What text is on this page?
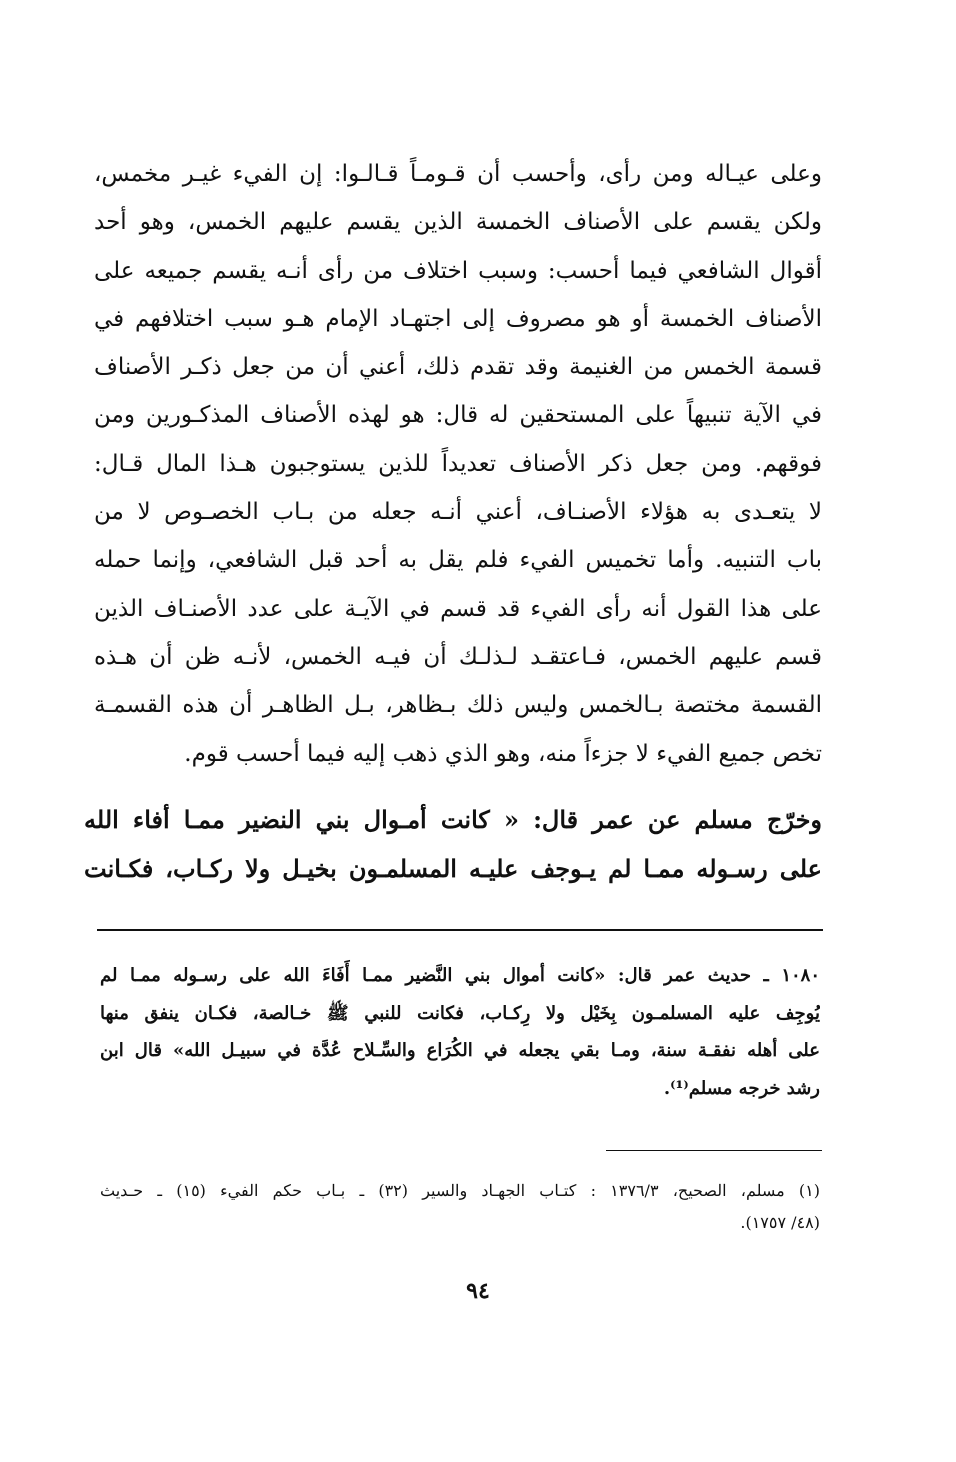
وعلى عيـاله ومن رأى، وأحسب أن قـومـاً قـالـوا: إن الفيء غيـر مخمس،
ولكن يقسم على الأصناف الخمسة الذين يقسم عليهم الخمس، وهو أحد
أقوال الشافعي فيما أحسب: وسبب اختلاف من رأى أنـه يقسم جميعه على
الأصناف الخمسة أو هو مصروف إلى اجتهـاد الإمام هـو سبب اختلافهم في
قسمة الخمس من الغنيمة وقد تقدم ذلك، أعني أن من جعل ذكـر الأصناف
في الآية تنبيهاً على المستحقين له قال: هو لهذه الأصناف المذكـورين ومن
فوقهم. ومن جعل ذكر الأصناف تعديداً للذين يستوجبون هـذا المال قـال:
لا يتعـدى به هؤلاء الأصنـاف، أعني أنـه جعله من بـاب الخصـوص لا من
باب التنبيه. وأما تخميس الفيء فلم يقل به أحد قبل الشافعي، وإنما حمله
على هذا القول أنه رأى الفيء قد قسم في الآيـة على عدد الأصنـاف الذين
قسم عليهم الخمس، فـاعتقـد لـذلـك أن فيـه الخمس، لأنـه ظن أن هـذه
القسمة مختصة بـالخمس وليس ذلك بـظاهر، بـل الظاهـر أن هذه القسمـة
تخص جميع الفيء لا جزءاً منه، وهو الذي ذهب إليه فيما أحسب قوم.
وخرّج مسلم عن عمر قال: « كانت أمـوال بني النضير ممـا أفاء الله
على رسـوله ممـا لم يـوجف عليـه المسلمـون بخيـل ولا ركـاب، فكـانت
١٠٨٠ ـ حديث عمر قال: «كانت أموال بني النَّضير ممـا أَفَاءَ الله على رسـوله ممـا لم
يُوجِف عليه المسلمـون بِخَيْل ولا رِكـاب، فكانت للنبي ﷺ خـالصة، فكـان ينفق منها
على أهله نفقـة سنة، ومـا بقي يجعله في الكُرَاع والسِّـلاح عُدَّة في سبيـل الله» قال ابن
رشد خرجه مسلم⁽¹⁾.
(١) مسلم، الصحيح، ١٣٧٦/٣ : كتـاب الجهـاد والسير (٣٢) ـ بـاب حكم الفيء (١٥) ـ حـديث
(٤٨/ ١٧٥٧).
٩٤
